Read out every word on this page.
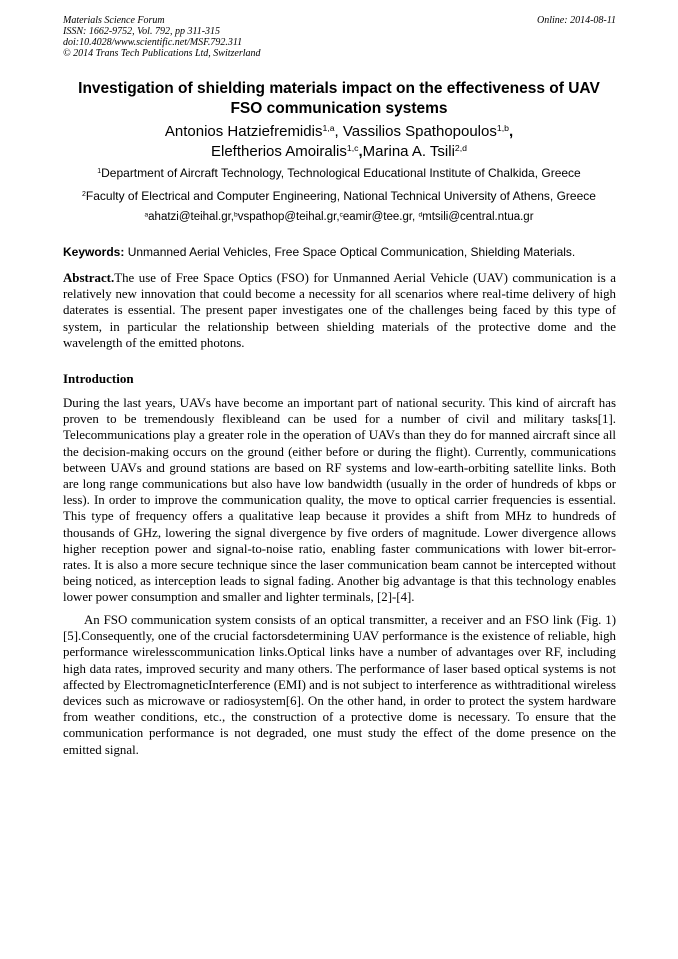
Materials Science Forum
ISSN: 1662-9752, Vol. 792, pp 311-315
doi:10.4028/www.scientific.net/MSF.792.311
© 2014 Trans Tech Publications Ltd, Switzerland
Online: 2014-08-11
Investigation of shielding materials impact on the effectiveness of UAV
FSO communication systems
Antonios Hatziefremidis$^{1,a}$, Vassilios Spathopoulos$^{1,b}$,
Eleftherios Amoiralis$^{1,c}$,Marina A. Tsili$^{2,d}$
$^1$Department of Aircraft Technology, Technological Educational Institute of Chalkida, Greece
$^2$Faculty of Electrical and Computer Engineering, National Technical University of Athens, Greece
$^a$ahatzi@teihal.gr,$^b$vspathop@teihal.gr,$^c$eamir@tee.gr, $^d$mtsili@central.ntua.gr
Keywords: Unmanned Aerial Vehicles, Free Space Optical Communication, Shielding Materials.

Abstract.The use of Free Space Optics (FSO) for Unmanned Aerial Vehicle (UAV) communication is a relatively new innovation that could become a necessity for all scenarios where real-time delivery of high daterates is essential. The present paper investigates one of the challenges being faced by this type of system, in particular the relationship between shielding materials of the protective dome and the wavelength of the emitted photons.

Introduction

During the last years, UAVs have become an important part of national security. This kind of aircraft has proven to be tremendously flexibleand can be used for a number of civil and military tasks[1]. Telecommunications play a greater role in the operation of UAVs than they do for manned aircraft since all the decision-making occurs on the ground (either before or during the flight). Currently, communications between UAVs and ground stations are based on RF systems and low-earth-orbiting satellite links. Both are long range communications but also have low bandwidth (usually in the order of hundreds of kbps or less). In order to improve the communication quality, the move to optical carrier frequencies is essential. This type of frequency offers a qualitative leap because it provides a shift from MHz to hundreds of thousands of GHz, lowering the signal divergence by five orders of magnitude. Lower divergence allows higher reception power and signal-to-noise ratio, enabling faster communications with lower bit-error-rates. It is also a more secure technique since the laser communication beam cannot be intercepted without being noticed, as interception leads to signal fading. Another big advantage is that this technology enables lower power consumption and smaller and lighter terminals, [2]-[4].

An FSO communication system consists of an optical transmitter, a receiver and an FSO link (Fig. 1)[5].Consequently, one of the crucial factorsdetermining UAV performance is the existence of reliable, high performance wirelesscommunication links.Optical links have a number of advantages over RF, including high data rates, improved security and many others. The performance of laser based optical systems is not affected by ElectromagneticInterference (EMI) and is not subject to interference as withtraditional wireless devices such as microwave or radiosystem[6]. On the other hand, in order to protect the system hardware from weather conditions, etc., the construction of a protective dome is necessary. To ensure that the communication performance is not degraded, one must study the effect of the dome presence on the emitted signal.
